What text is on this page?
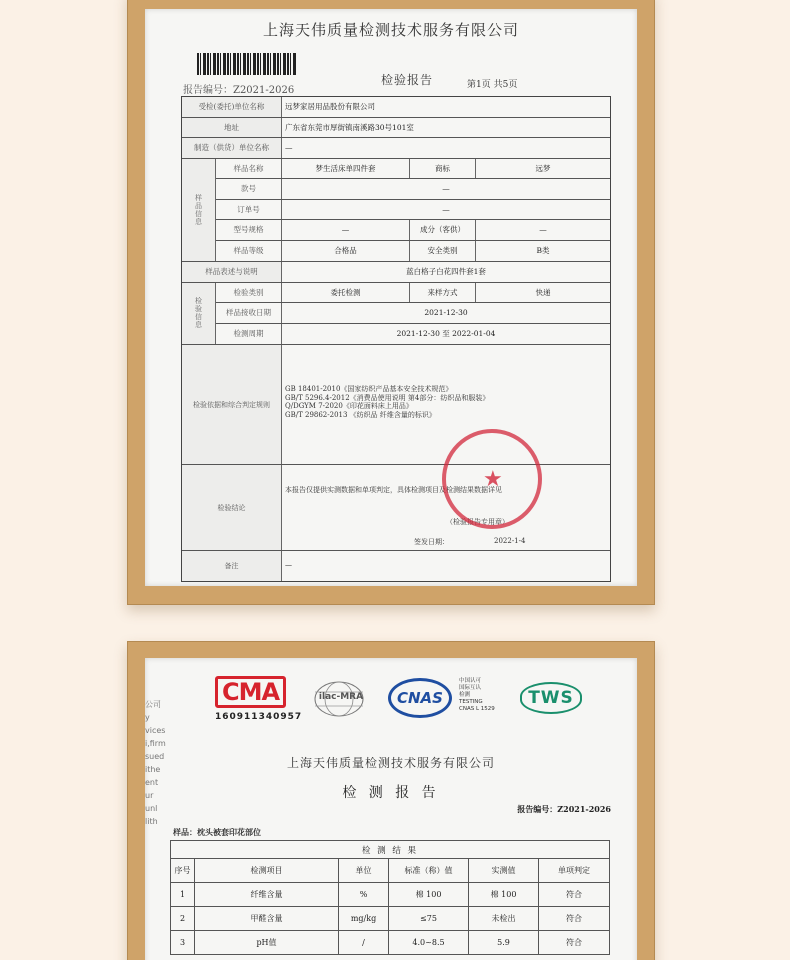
上海天伟质量检测技术服务有限公司
报告编号：Z2021-2026
检验报告	第1页 共5页
受检(委托)单位名称	远梦家居用品股份有限公司
地址	广东省东莞市厚街镇南溪路30号101室
制造（供货）单位名称	—
样品信息
样品名称	梦生活床单四件套	商标	远梦
款号	—
订单号	—
型号规格	—	成分（客供）	—
样品等级	合格品	安全类别	B类
样品表述与说明	蓝白格子白花四件套1套
检验信息
检验类别	委托检测	来样方式	快递
样品接收日期	2021-12-30
检测周期	2021-12-30 至 2022-01-04
检验依据和综合判定规则
GB 18401-2010《国家纺织产品基本安全技术规范》
GB/T 5296.4-2012《消费品使用说明 第4部分：纺织品和服装》
Q/DGYM 7-2020《印花面料床上用品》
GB/T 29862-2013 《纺织品 纤维含量的标识》
检验结论
本报告仅提供实测数据和单项判定，具体检测项目及检测结果数据详见
（检验报告专用章）
签发日期：	2022-1-4
备注	—
★
公司
y
vices
i,firm
sued
ithe
ent
ur
unl
lith
CMA
160911340957
ilac-MRA	CNAS
中国认可
国际互认
检测
TESTING
CNAS L 1529
TWS
上海天伟质量检测技术服务有限公司
检 测 报 告
报告编号：Z2021-2026
样品：枕头被套印花部位
检 测 结 果					
序号	检测项目	单位	标准（称）值	实测值	单项判定
1	纤维含量	%	棉 100	棉 100	符合
2	甲醛含量	mg/kg	≤75	未检出	符合
3	pH值	/	4.0~8.5	5.9	符合
